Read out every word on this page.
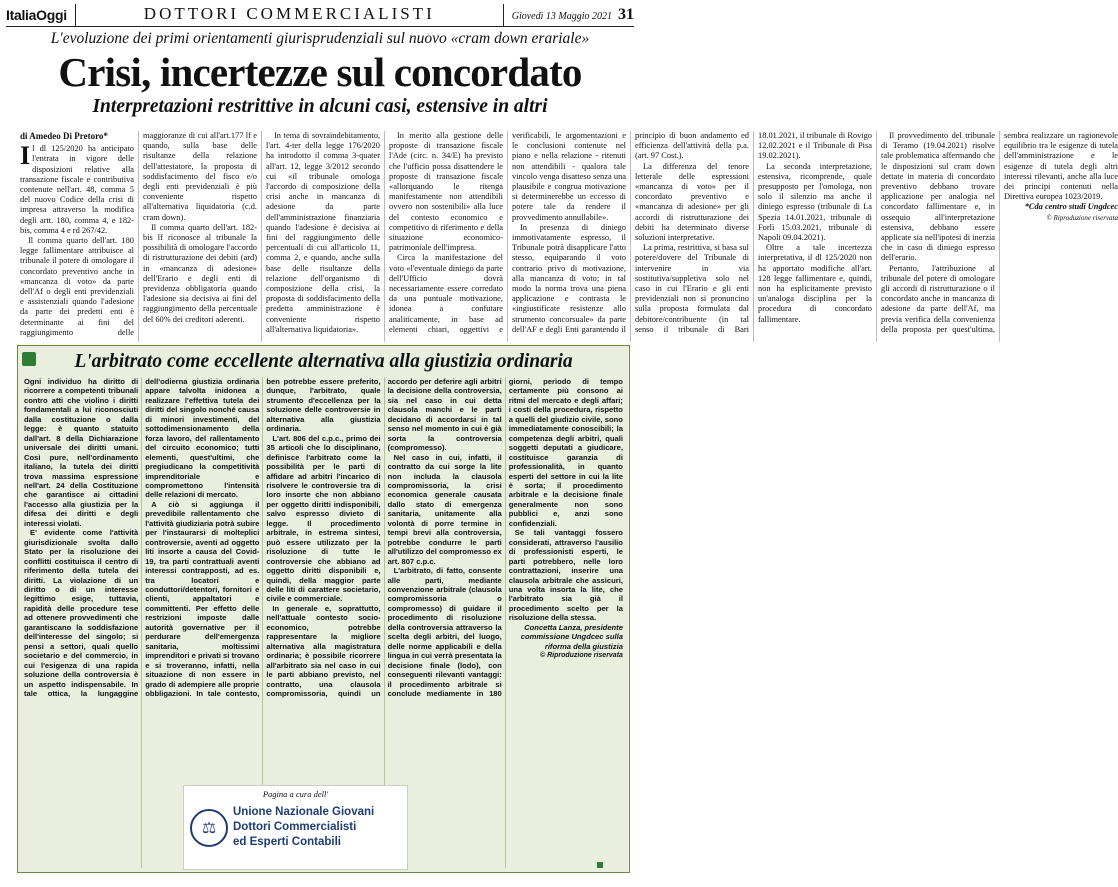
ItaliaOggi	DOTTORI COMMERCIALISTI	Giovedì 13 Maggio 2021 31
L'evoluzione dei primi orientamenti giurisprudenziali sul nuovo «cram down erariale»
Crisi, incertezze sul concordato
Interpretazioni restrittive in alcuni casi, estensive in altri
di Amedeo Di Pretoro*

Il dl 125/2020 ha anticipato l'entrata in vigore delle disposizioni relative alla transazione fiscale e contributiva contenute nell'art. 48, comma 5 del nuovo Codice della crisi di impresa attraverso la modifica degli artt. 180, comma 4, e 182-bis, comma 4 e rd 267/42.

Il comma quarto dell'art. 180 legge fallimentare attribuisce al tribunale il potere di omologare il concordato preventivo anche in «mancanza di voto» da parte dell'Af o degli enti previdenziali e assistenziali quando l'adesione da parte dei predetti enti è determinante ai fini del raggiungimento delle maggioranze di cui all'art.177 lf e quando, sulla base delle risultanze della relazione dell'attestatore, la proposta di soddisfacimento del fisco e/o degli enti previdenziali è più conveniente rispetto all'alternativa liquidatoria (c.d. cram down).

Il comma quarto dell'art. 182-bis lf riconosce al tribunale la possibilità di omologare l'accordo di ristrutturazione dei debiti (ard) in «mancanza di adesione» dell'Erario e degli enti di previdenza obbligatoria quando l'adesione sia decisiva ai fini del raggiungimento della percentuale del 60% dei creditori aderenti.

In tema di sovraindebitamento, l'art. 4-ter della legge 176/2020 ha introdotto il comma 3-quater all'art. 12, legge 3/2012 secondo cui «il tribunale omologa l'accordo di composizione della crisi anche in mancanza di adesione da parte dell'amministrazione finanziaria quando l'adesione è decisiva ai fini del raggiungimento delle percentuali di cui all'articolo 11, comma 2, e quando, anche sulla base delle risultanze della relazione dell'organismo di composizione della crisi, la proposta di soddisfacimento della predetta amministrazione è conveniente rispetto all'alternativa liquidatoria».

In merito alla gestione delle proposte di transazione fiscale l'Ade (circ. n. 34/E) ha previsto che l'ufficio possa disattendere le proposte di transazione fiscale «allorquando le ritenga manifestamente non attendibili ovvero non sostenibili» alla luce del contesto economico e competitivo di riferimento e della situazione economico-patrimoniale dell'impresa.

Circa la manifestazione del voto «l'eventuale diniego da parte dell'Ufficio dovrà necessariamente essere corredato da una puntuale motivazione, idonea a confutare analiticamente, in base ad elementi chiari, oggettivi e verificabili, le argomentazioni e le conclusioni contenute nel piano e nella relazione - ritenuti non attendibili - qualora tale vincolo venga disatteso senza una plausibile e congrua motivazione si determinerebbe un eccesso di potere tale da rendere il provvedimento annullabile».

In presenza di diniego immotivatamente espresso, il Tribunale potrà disapplicare l'atto stesso, equiparando il voto contrario privo di motivazione, alla mancanza di voto; in tal modo la norma trova una piena applicazione e contrasta le «ingiustificate resistenze allo strumento concorsuale» da parte dell'AF e degli Enti garantendo il principio di buon andamento ed efficienza dell'attività della p.a. (art. 97 Cost.).

La differenza del tenore letterale delle espressioni «mancanza di voto» per il concordato preventivo e «mancanza di adesione» per gli accordi di ristrutturazione dei debiti ha determinato diverse soluzioni interpretative.

La prima, restrittiva, si basa sul potere/dovere del Tribunale di intervenire in via sostitutiva/suppletiva solo nel caso in cui l'Erario e gli enti previdenziali non si pronuncino sulla proposta formulata dal debitore/contribuente (in tal senso il tribunale di Bari 18.01.2021, il tribunale di Rovigo 12.02.2021 e il Tribunale di Pisa 19.02.2021).

La seconda interpretazione, estensiva, ricomprende, quale presupposto per l'omologa, non solo il silenzio ma anche il diniego espresso (tribunale di La Spezia 14.01.2021, tribunale di Forlì 15.03.2021, tribunale di Napoli 09.04.2021).

Oltre a tale incertezza interpretativa, il dl 125/2020 non ha apportato modifiche all'art. 128 legge fallimentare e, quindi, non ha esplicitamente previsto un'analoga disciplina per la procedura di concordato fallimentare.

Il provvedimento del tribunale di Teramo (19.04.2021) risolve tale problematica affermando che le disposizioni sul cram down dettate in materia di concordato preventivo debbano trovare applicazione per analogia nel concordato fallimentare e, in ossequio all'interpretazione estensiva, debbano essere applicate sia nell'ipotesi di inerzia che in caso di diniego espresso dell'erario.

Pertanto, l'attribuzione al tribunale del potere di omologare gli accordi di ristrutturazione o il concordato anche in mancanza di adesione da parte dell'Af, ma previa verifica della convenienza della proposta per quest'ultima, sembra realizzare un ragionevole equilibrio tra le esigenze di tutela dell'amministrazione e le esigenze di tutela degli altri interessi rilevanti, anche alla luce dei principi contenuti nella Direttiva europea 1023/2019.

*Cda centro studi Ungdcec
© Riproduzione riservata
L'arbitrato come eccellente alternativa alla giustizia ordinaria

Ogni individuo ha diritto di ricorrere a competenti tribunali contro atti che violino i diritti fondamentali a lui riconosciuti dalla costituzione o dalla legge: è quanto statuito dall'art. 8 della Dichiarazione universale dei diritti umani. Così pure, nell'ordinamento italiano, la tutela dei diritti trova massima espressione nell'art. 24 della Costituzione che garantisce ai cittadini l'accesso alla giustizia per la difesa dei diritti e degli interessi violati.

E' evidente come l'attività giurisdizionale svolta dallo Stato per la risoluzione dei conflitti costituisca il centro di riferimento della tutela dei diritti. La violazione di un diritto o di un interesse legittimo esige, tuttavia, rapidità delle procedure tese ad ottenere provvedimenti che garantiscano la soddisfazione dell'interesse del singolo; si pensi a settori, quali quello societario e del commercio, in cui l'esigenza di una rapida soluzione della controversia è un aspetto indispensabile. In tale ottica, la lungaggine dell'odierna giustizia ordinaria appare talvolta inidonea a realizzare l'effettiva tutela dei diritti del singolo nonché causa di minori investimenti, del sottodimensionamento della forza lavoro, del rallentamento del circuito economico; tutti elementi, quest'ultimi, che pregiudicano la competitività imprenditoriale e compromettono l'intensità delle relazioni di mercato.

A ciò si aggiunga il prevedibile rallentamento che l'attività giudiziaria potrà subire per l'instaurarsi di molteplici controversie, aventi ad oggetto liti insorte a causa del Covid-19, tra parti contrattuali aventi interessi contrapposti, ad es. tra locatori e conduttori/detentori, fornitori e clienti, appaltatori e committenti. Per effetto delle restrizioni imposte dalle autorità governative per il perdurare dell'emergenza sanitaria, moltissimi imprenditori e privati si trovano e si troveranno, infatti, nella situazione di non essere in grado di adempiere alle proprie obbligazioni. In tale contesto, ben potrebbe essere preferito, dunque, l'arbitrato, quale strumento d'eccellenza per la soluzione delle controversie in alternativa alla giustizia ordinaria.

L'art. 806 del c.p.c., primo dei 35 articoli che lo disciplinano, definisce l'arbitrato come la possibilità per le parti di affidare ad arbitri l'incarico di risolvere le controversie tra di loro insorte che non abbiano per oggetto diritti indisponibili, salvo espresso divieto di legge. Il procedimento arbitrale, in estrema sintesi, può essere utilizzato per la risoluzione di tutte le controversie che abbiano ad oggetto diritti disponibili e, quindi, della maggior parte delle liti di carattere societario, civile e commerciale.

In generale e, soprattutto, nell'attuale contesto socio-economico, potrebbe rappresentare la migliore alternativa alla magistratura ordinaria; è possibile ricorrere all'arbitrato sia nel caso in cui le parti abbiano previsto, nel contratto, una clausola compromissoria, quindi un accordo per deferire agli arbitri la decisione della controversia, sia nel caso in cui detta clausola manchi e le parti decidano di accordarsi in tal senso nel momento in cui è già sorta la controversia (compromesso).

Nel caso in cui, infatti, il contratto da cui sorge la lite non includa la clausola compromissoria, la crisi economica generale causata dallo stato di emergenza sanitaria, unitamente alla volontà di porre termine in tempi brevi alla controversia, potrebbe condurre le parti all'utilizzo del compromesso ex art. 807 c.p.c.

L'arbitrato, di fatto, consente alle parti, mediante convenzione arbitrale (clausola compromissoria o compromesso) di guidare il procedimento di risoluzione della controversia attraverso la scelta degli arbitri, del luogo, delle norme applicabili e della lingua in cui verrà presentata la decisione finale (lodo), con conseguenti rilevanti vantaggi: il procedimento arbitrale si conclude mediamente in 180 giorni, periodo di tempo certamente più consono ai ritmi del mercato e degli affari; i costi della procedura, rispetto a quelli del giudizio civile, sono immediatamente conoscibili; la competenza degli arbitri, quali soggetti deputati a giudicare, costituisce garanzia di professionalità, in quanto esperti del settore in cui la lite è sorta; il procedimento arbitrale e la decisione finale generalmente non sono pubblici e, anzi sono confidenziali.

Se tali vantaggi fossero considerati, attraverso l'ausilio di professionisti esperti, le parti potrebbero, nelle loro contrattazioni, inserire una clausola arbitrale che assicuri, una volta insorta la lite, che l'arbitrato sia già il procedimento scelto per la risoluzione della stessa.

Concetta Lanza, presidente commissione Ungdcec sulla riforma della giustizia
© Riproduzione riservata
Pagina a cura dell'
⚖
Unione Nazionale Giovani Dottori Commercialisti
ed Esperti Contabili
